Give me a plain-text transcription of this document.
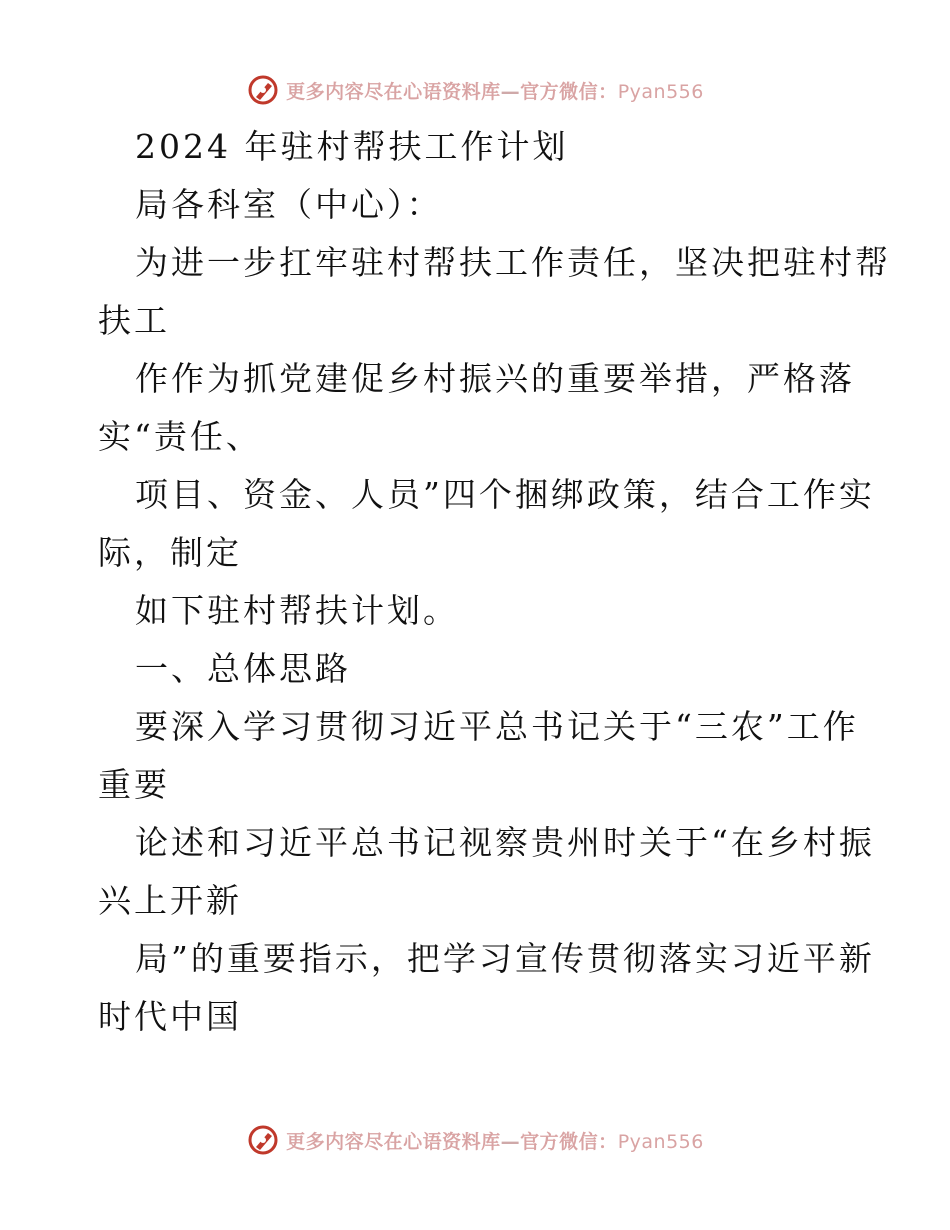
更多内容尽在心语资料库—官方微信：Pyan556
2024 年驻村帮扶工作计划
局各科室（中心）：
为进一步扛牢驻村帮扶工作责任，坚决把驻村帮
扶工
作作为抓党建促乡村振兴的重要举措，严格落
实“责任、
项目、资金、人员”四个捆绑政策，结合工作实
际，制定
如下驻村帮扶计划。
一、总体思路
要深入学习贯彻习近平总书记关于“三农”工作
重要
论述和习近平总书记视察贵州时关于“在乡村振
兴上开新
局”的重要指示，把学习宣传贯彻落实习近平新
时代中国
更多内容尽在心语资料库—官方微信：Pyan556
